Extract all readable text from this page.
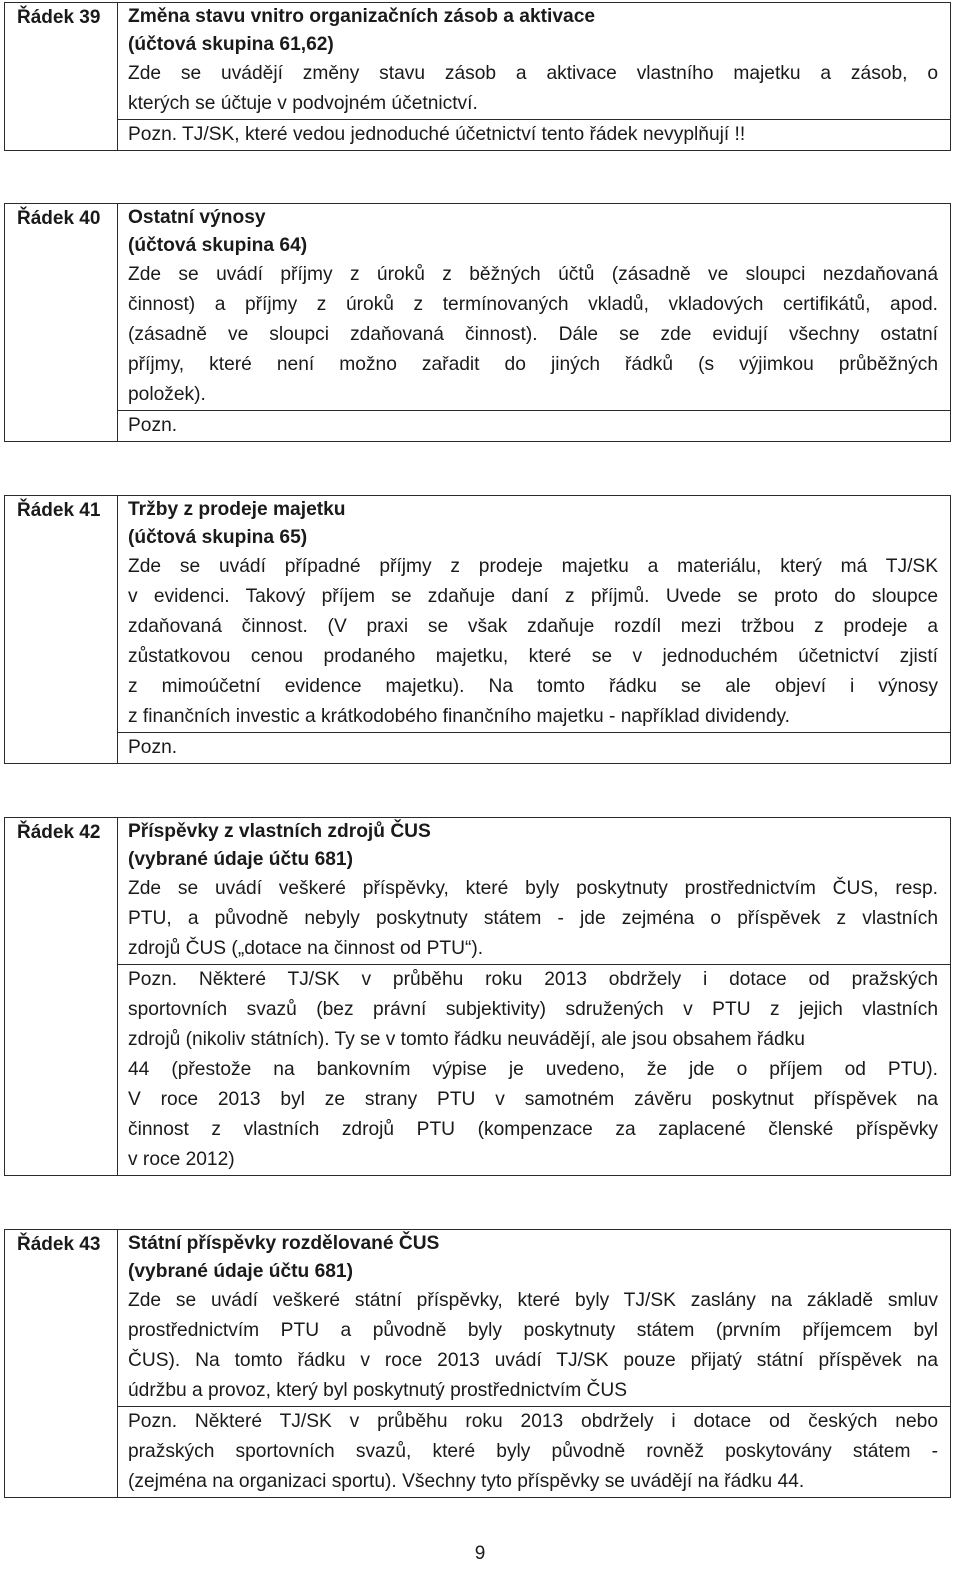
Řádek 39	Změna stavu vnitro organizačních zásob a aktivace
(účtová skupina 61,62)
Zde se uvádějí změny stavu zásob a aktivace vlastního majetku a zásob, o
kterých se účtuje v podvojném účetnictví.
Pozn. TJ/SK, které vedou jednoduché účetnictví tento řádek nevyplňují !!
Řádek 40	Ostatní výnosy
(účtová skupina 64)
Zde se uvádí příjmy z úroků z běžných účtů (zásadně ve sloupci nezdaňovaná
činnost) a příjmy z úroků z termínovaných vkladů, vkladových certifikátů, apod.
(zásadně ve sloupci zdaňovaná činnost). Dále se zde evidují všechny ostatní
příjmy, které není možno zařadit do jiných řádků (s výjimkou průběžných
položek).
Pozn.
Řádek 41	Tržby z prodeje majetku
(účtová skupina 65)
Zde se uvádí případné příjmy z prodeje majetku a materiálu, který má TJ/SK
v evidenci. Takový příjem se zdaňuje daní z příjmů. Uvede se proto do sloupce
zdaňovaná činnost. (V praxi se však zdaňuje rozdíl mezi tržbou z prodeje a
zůstatkovou cenou prodaného majetku, které se v jednoduchém účetnictví zjistí
z mimoúčetní evidence majetku). Na tomto řádku se ale objeví i výnosy
z finančních investic a krátkodobého finančního majetku - například dividendy.
Pozn.
Řádek 42	Příspěvky z vlastních zdrojů ČUS
(vybrané údaje účtu 681)
Zde se uvádí veškeré příspěvky, které byly poskytnuty prostřednictvím ČUS, resp.
PTU, a původně nebyly poskytnuty státem - jde zejména o příspěvek z vlastních
zdrojů ČUS („dotace na činnost od PTU“).
Pozn. Některé TJ/SK v průběhu roku 2013 obdržely i dotace od pražských
sportovních svazů (bez právní subjektivity) sdružených v PTU z jejich vlastních
zdrojů (nikoliv státních). Ty se v tomto řádku neuvádějí, ale jsou obsahem řádku
44 (přestože na bankovním výpise je uvedeno, že jde o příjem od PTU).
V roce 2013 byl ze strany PTU v samotném závěru poskytnut příspěvek na
činnost z vlastních zdrojů PTU (kompenzace za zaplacené členské příspěvky
v roce 2012)
Řádek 43	Státní příspěvky rozdělované ČUS
(vybrané údaje účtu 681)
Zde se uvádí veškeré státní příspěvky, které byly TJ/SK zaslány na základě smluv
prostřednictvím PTU a původně byly poskytnuty státem (prvním příjemcem byl
ČUS). Na tomto řádku v roce 2013 uvádí TJ/SK pouze přijatý státní příspěvek na
údržbu a provoz, který byl poskytnutý prostřednictvím ČUS
Pozn. Některé TJ/SK v průběhu roku 2013 obdržely i dotace od českých nebo
pražských sportovních svazů, které byly původně rovněž poskytovány státem -
(zejména na organizaci sportu). Všechny tyto příspěvky se uvádějí na řádku 44.
9
